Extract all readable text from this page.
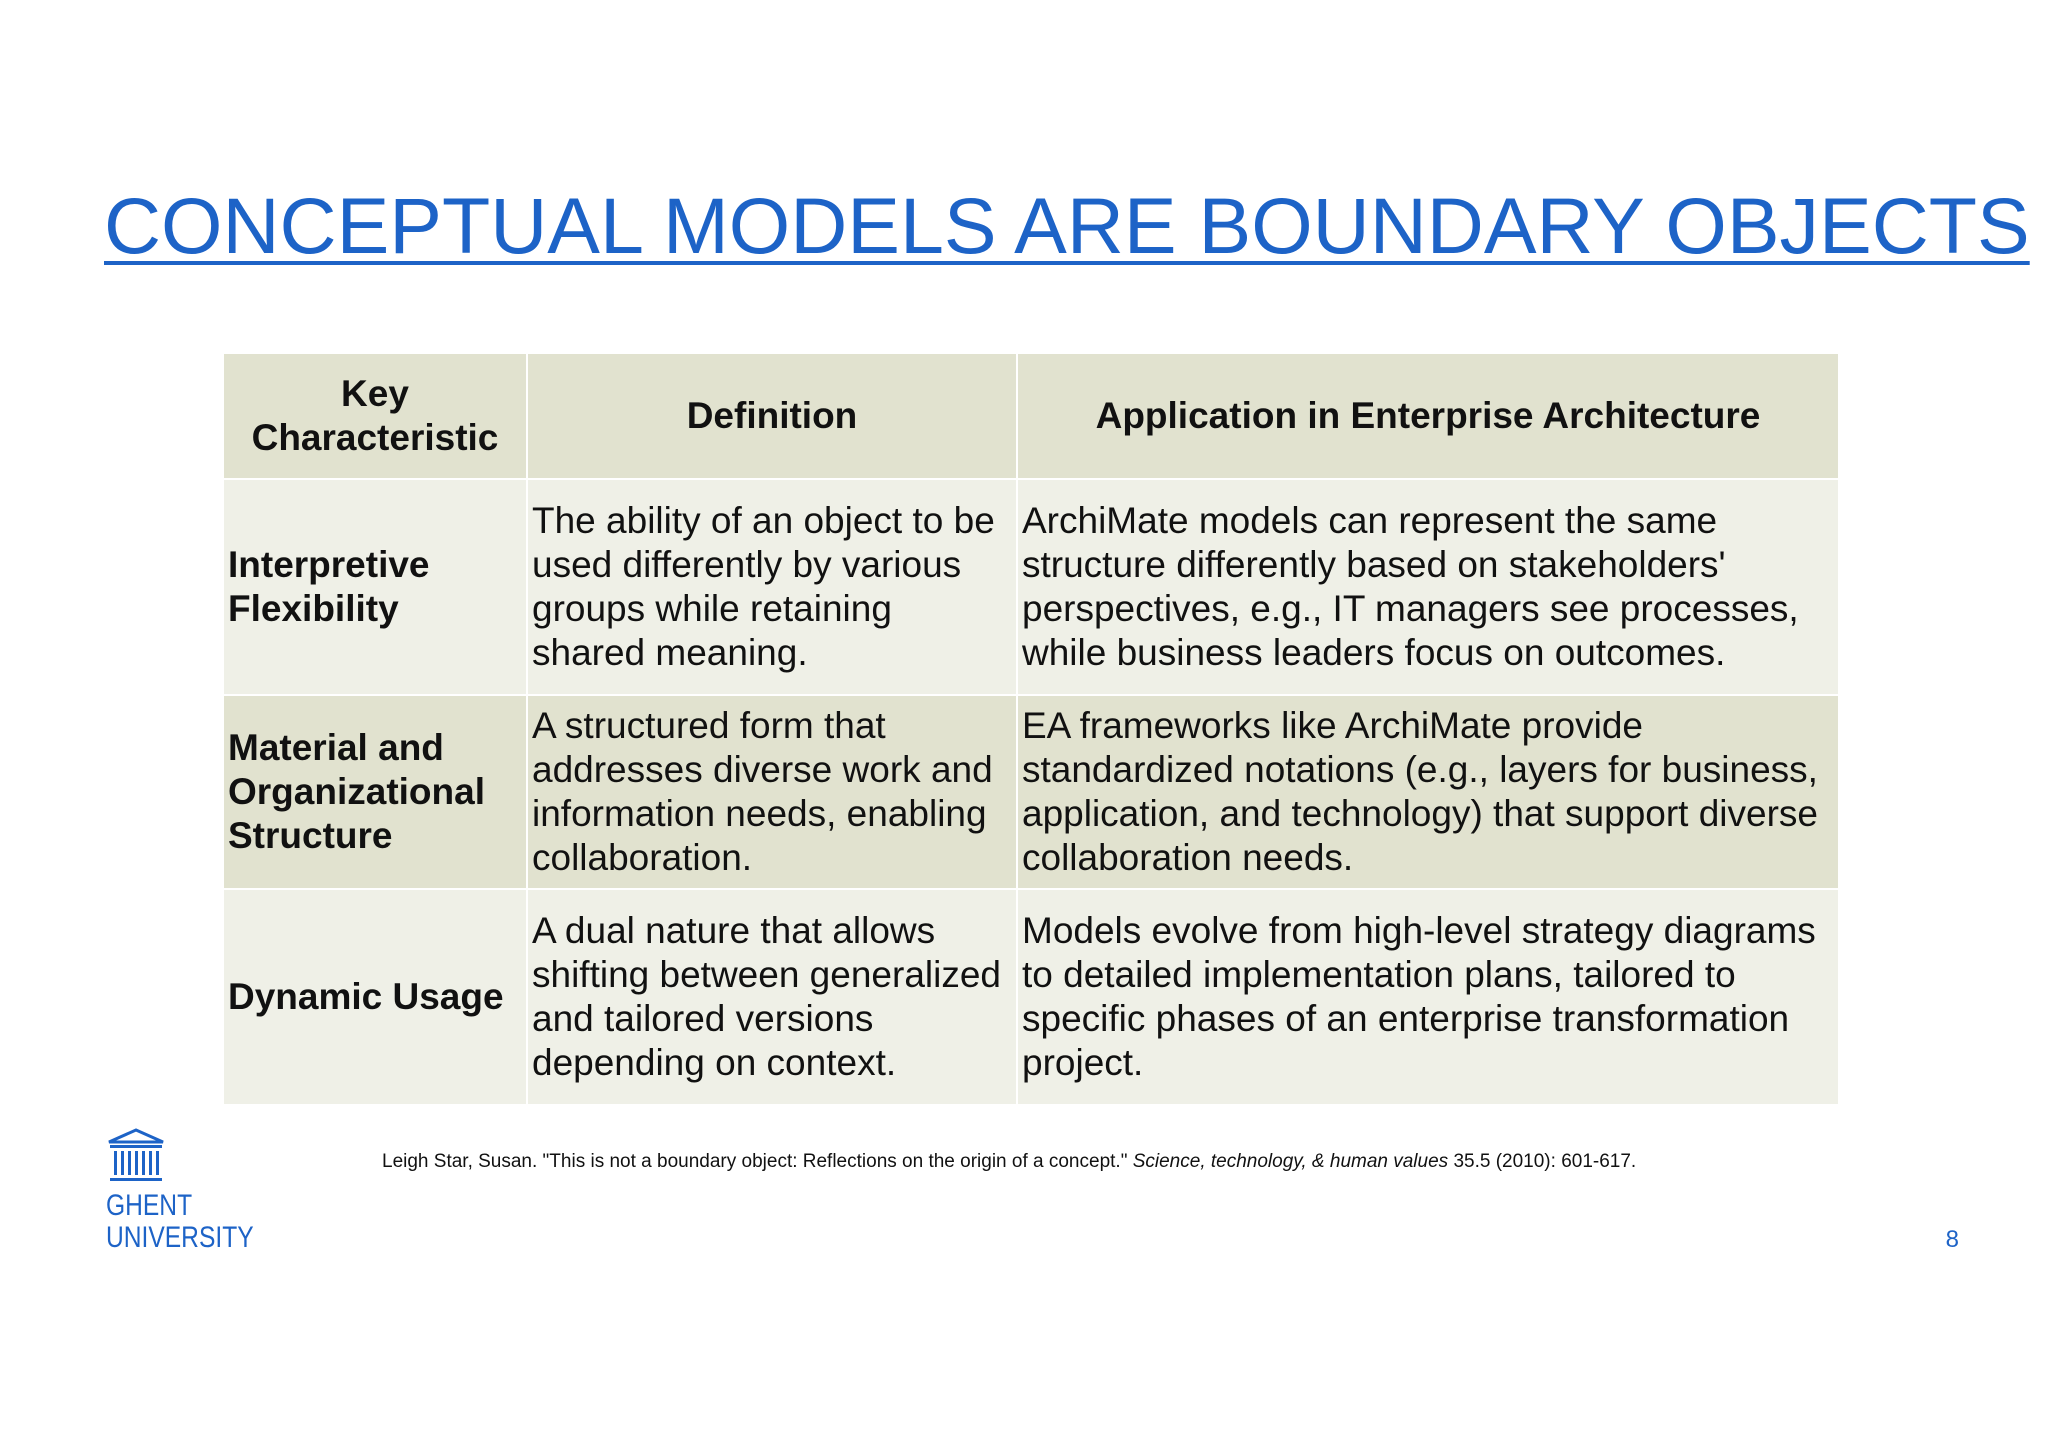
CONCEPTUAL MODELS ARE BOUNDARY OBJECTS
Key Characteristic	Definition	Application in Enterprise Architecture
Interpretive Flexibility	The ability of an object to be used differently by various groups while retaining shared meaning.	ArchiMate models can represent the same structure differently based on stakeholders' perspectives, e.g., IT managers see processes, while business leaders focus on outcomes.
Material and Organizational Structure	A structured form that addresses diverse work and information needs, enabling collaboration.	EA frameworks like ArchiMate provide standardized notations (e.g., layers for business, application, and technology) that support diverse collaboration needs.
Dynamic Usage	A dual nature that allows shifting between generalized and tailored versions depending on context.	Models evolve from high-level strategy diagrams to detailed implementation plans, tailored to specific phases of an enterprise transformation project.
GHENT
UNIVERSITY
Leigh Star, Susan. "This is not a boundary object: Reflections on the origin of a concept." Science, technology, & human values 35.5 (2010): 601-617.
8
